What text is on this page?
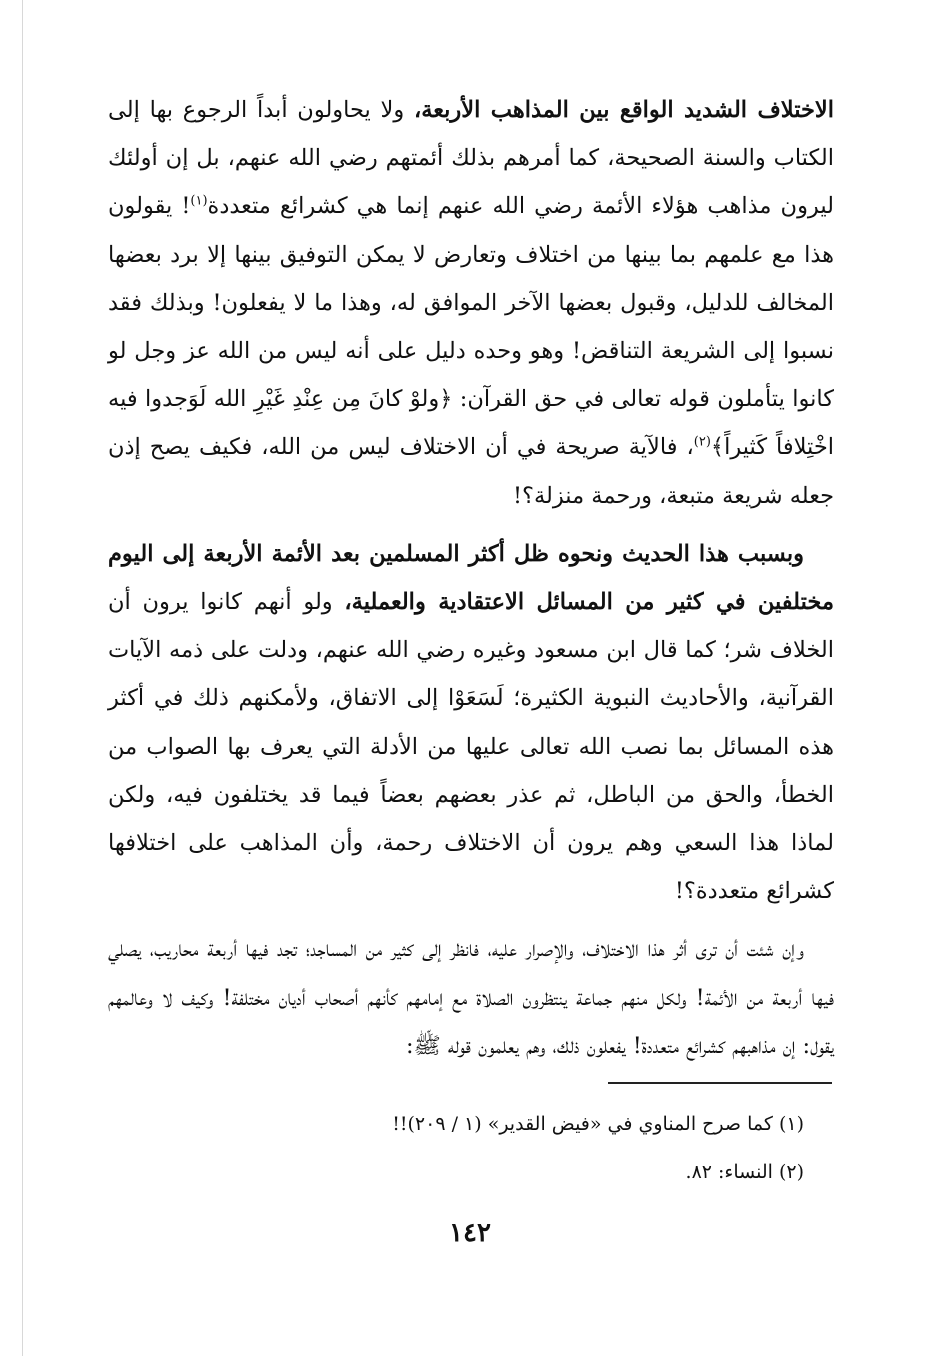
الاختلاف الشديد الواقع بين المذاهب الأربعة، ولا يحاولون أبداً الرجوع بها إلى الكتاب والسنة الصحيحة، كما أمرهم بذلك أئمتهم رضي الله عنهم، بل إن أولئك ليرون مذاهب هؤلاء الأئمة رضي الله عنهم إنما هي كشرائع متعددة$^{(١)}$! يقولون هذا مع علمهم بما بينها من اختلاف وتعارض لا يمكن التوفيق بينها إلا برد بعضها المخالف للدليل، وقبول بعضها الآخر الموافق له، وهذا ما لا يفعلون! وبذلك فقد نسبوا إلى الشريعة التناقض! وهو وحده دليل على أنه ليس من الله عز وجل لو كانوا يتأملون قوله تعالى في حق القرآن: ﴿ولوْ كانَ مِن عِنْدِ غَيْرِ الله لَوَجدوا فيه اخْتِلافاً كَثيراً﴾$^{(٢)}$، فالآية صريحة في أن الاختلاف ليس من الله، فكيف يصح إذن جعله شريعة متبعة، ورحمة منزلة؟!

وبسبب هذا الحديث ونحوه ظل أكثر المسلمين بعد الأئمة الأربعة إلى اليوم مختلفين في كثير من المسائل الاعتقادية والعملية، ولو أنهم كانوا يرون أن الخلاف شر؛ كما قال ابن مسعود وغيره رضي الله عنهم، ودلت على ذمه الآيات القرآنية، والأحاديث النبوية الكثيرة؛ لَسَعَوْا إلى الاتفاق، ولأمكنهم ذلك في أكثر هذه المسائل بما نصب الله تعالى عليها من الأدلة التي يعرف بها الصواب من الخطأ، والحق من الباطل، ثم عذر بعضهم بعضاً فيما قد يختلفون فيه، ولكن لماذا هذا السعي وهم يرون أن الاختلاف رحمة، وأن المذاهب على اختلافها كشرائع متعددة؟!

وإن شئت أن ترى أثر هذا الاختلاف، والإصرار عليه، فانظر إلى كثير من المساجد؛ تجد فيها أربعة محاريب، يصلي فيها أربعة من الأئمة! ولكل منهم جماعة ينتظرون الصلاة مع إمامهم كأنهم أصحاب أديان مختلفة! وكيف لا وعالمهم يقول: إن مذاهبهم كشرائع متعددة! يفعلون ذلك، وهم يعلمون قوله ﷺ:

(١) كما صرح المناوي في «فيض القدير» (١ / ٢٠٩)!!
(٢) النساء: ٨٢.
١٤٢
